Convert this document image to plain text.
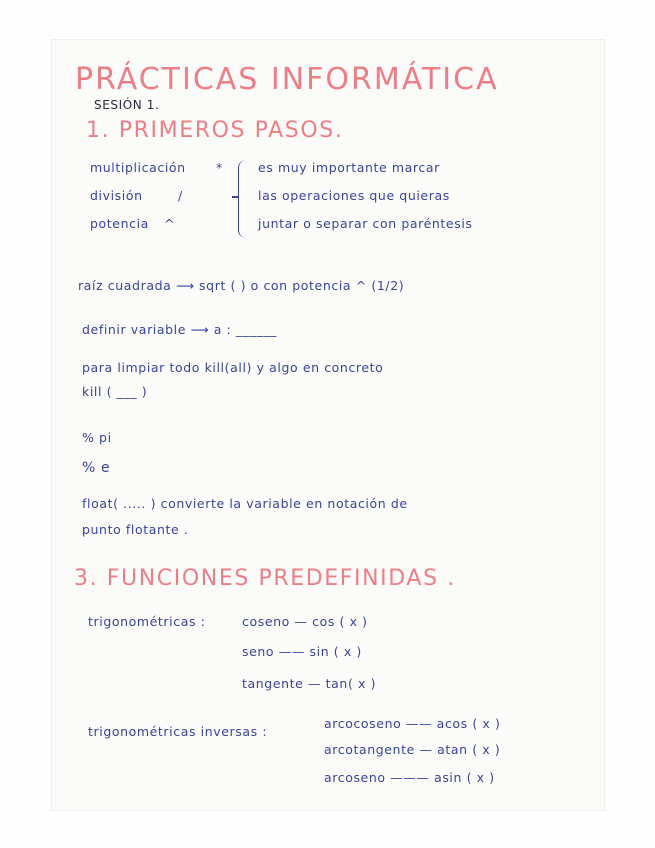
PRÁCTICAS INFORMÁTICA
SESIÓN 1.
1. PRIMEROS PASOS.
multiplicación *
división	/
potencia ^
es muy importante marcar
las operaciones que quieras
juntar o separar con paréntesis
raíz cuadrada ⟶ sqrt ( ) o con potencia ^ (1/2)
definir variable ⟶ a : ______
para limpiar todo kill(all) y algo en concreto
kill ( ___ )
% pi
% e
float( ..... ) convierte la variable en notación de
punto flotante .
3. FUNCIONES PREDEFINIDAS .
trigonométricas :	coseno — cos ( x )
seno —— sin ( x )
tangente — tan( x )
trigonométricas inversas :
arcocoseno —— acos ( x )
arcotangente — atan ( x )
arcoseno ——— asin ( x )
